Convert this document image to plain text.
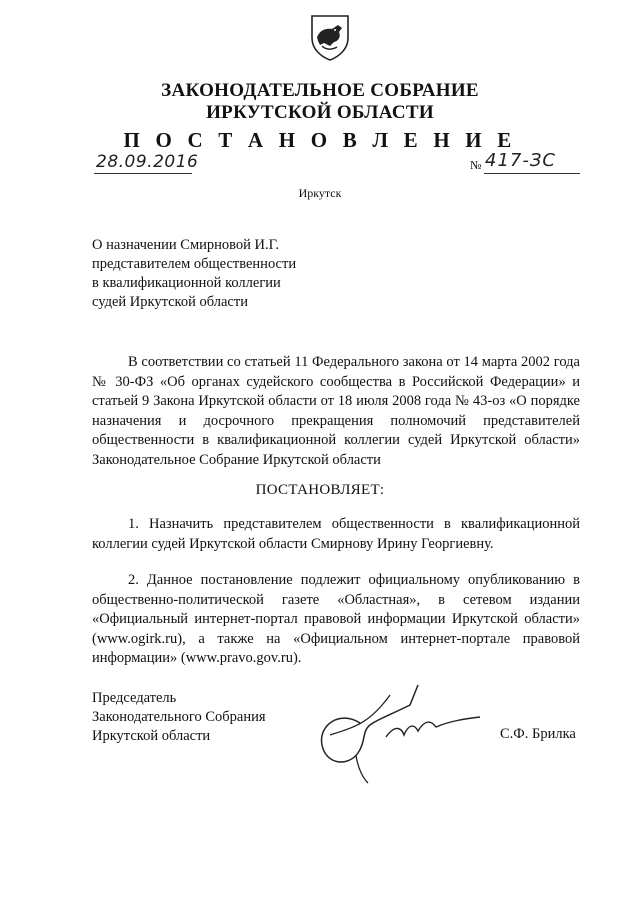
ЗАКОНОДАТЕЛЬНОЕ СОБРАНИЕ
ИРКУТСКОЙ ОБЛАСТИ
П О С Т А Н О В Л Е Н И Е
28.09.2016	№ 417-ЗС
Иркутск
О назначении Смирновой И.Г. представителем общественности в квалификационной коллегии судей Иркутской области
В соответствии со статьей 11 Федерального закона от 14 марта 2002 года № 30-ФЗ «Об органах судейского сообщества в Российской Федерации» и статьей 9 Закона Иркутской области от 18 июля 2008 года № 43-оз «О порядке назначения и досрочного прекращения полномочий представителей общественности в квалификационной коллегии судей Иркутской области» Законодательное Собрание Иркутской области
ПОСТАНОВЛЯЕТ:
1. Назначить представителем общественности в квалификационной коллегии судей Иркутской области Смирнову Ирину Георгиевну.
2. Данное постановление подлежит официальному опубликованию в общественно-политической газете «Областная», в сетевом издании «Официальный интернет-портал правовой информации Иркутской области» (www.ogirk.ru), а также на «Официальном интернет-портале правовой информации» (www.pravo.gov.ru).
Председатель
Законодательного Собрания
Иркутской области	С.Ф. Брилка
